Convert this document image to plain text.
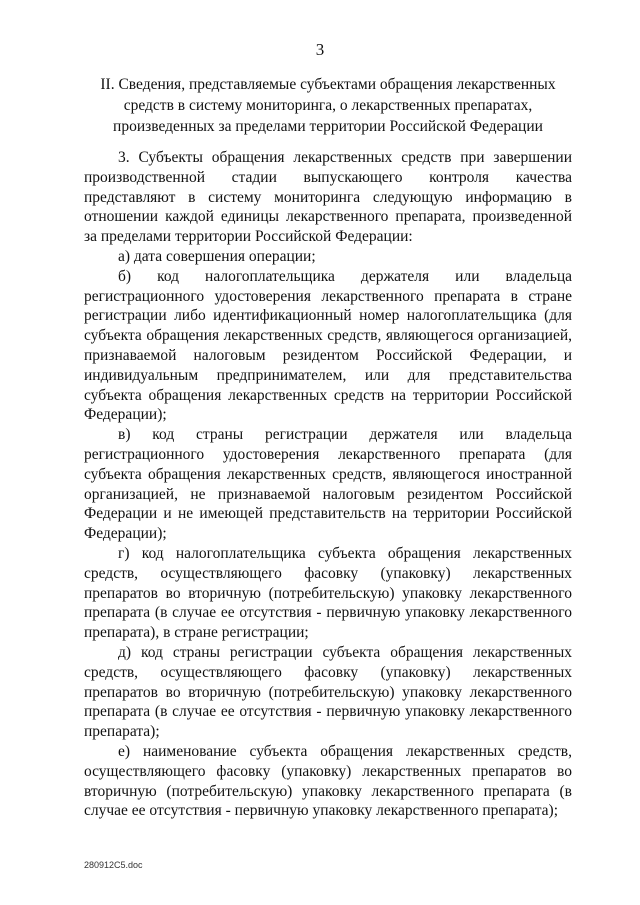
3
II. Сведения, представляемые субъектами обращения лекарственных средств в систему мониторинга, о лекарственных препаратах, произведенных за пределами территории Российской Федерации

3. Субъекты обращения лекарственных средств при завершении производственной стадии выпускающего контроля качества представляют в систему мониторинга следующую информацию в отношении каждой единицы лекарственного препарата, произведенной за пределами территории Российской Федерации:

а) дата совершения операции;

б) код налогоплательщика держателя или владельца регистрационного удостоверения лекарственного препарата в стране регистрации либо идентификационный номер налогоплательщика (для субъекта обращения лекарственных средств, являющегося организацией, признаваемой налоговым резидентом Российской Федерации, и индивидуальным предпринимателем, или для представительства субъекта обращения лекарственных средств на территории Российской Федерации);

в) код страны регистрации держателя или владельца регистрационного удостоверения лекарственного препарата (для субъекта обращения лекарственных средств, являющегося иностранной организацией, не признаваемой налоговым резидентом Российской Федерации и не имеющей представительств на территории Российской Федерации);

г) код налогоплательщика субъекта обращения лекарственных средств, осуществляющего фасовку (упаковку) лекарственных препаратов во вторичную (потребительскую) упаковку лекарственного препарата (в случае ее отсутствия - первичную упаковку лекарственного препарата), в стране регистрации;

д) код страны регистрации субъекта обращения лекарственных средств, осуществляющего фасовку (упаковку) лекарственных препаратов во вторичную (потребительскую) упаковку лекарственного препарата (в случае ее отсутствия - первичную упаковку лекарственного препарата);

е) наименование субъекта обращения лекарственных средств, осуществляющего фасовку (упаковку) лекарственных препаратов во вторичную (потребительскую) упаковку лекарственного препарата (в случае ее отсутствия - первичную упаковку лекарственного препарата);

280912C5.doc
